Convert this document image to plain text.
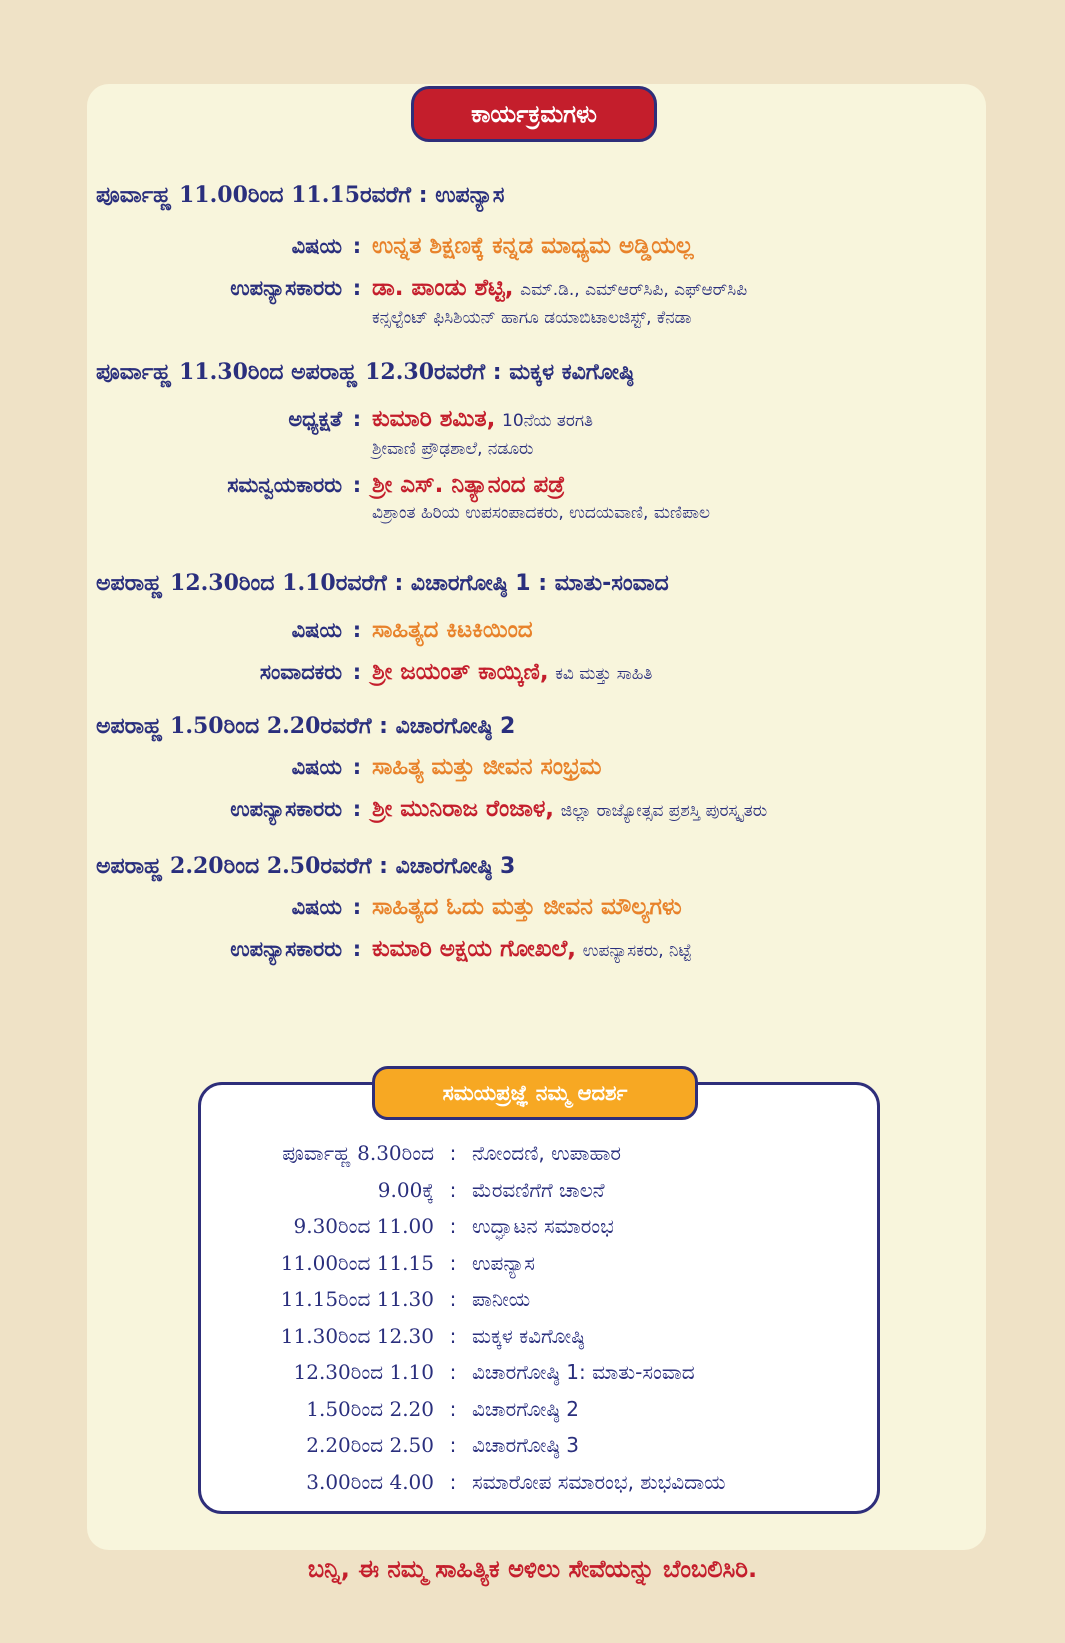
ಕಾರ್ಯಕ್ರಮಗಳು
ಪೂರ್ವಾಹ್ಣ 11.00ರಿಂದ 11.15ರವರೆಗೆ : ಉಪನ್ಯಾಸ
ವಿಷಯ : ಉನ್ನತ ಶಿಕ್ಷಣಕ್ಕೆ ಕನ್ನಡ ಮಾಧ್ಯಮ ಅಡ್ಡಿಯಲ್ಲ
ಉಪನ್ಯಾಸಕಾರರು : ಡಾ. ಪಾಂಡು ಶೆಟ್ಟಿ, ಎಮ್.ಡಿ., ಎಮ್ಆರ್‌ಸಿಪಿ, ಎಫ್ಆರ್‌ಸಿಪಿ
ಕನ್ಸಲ್ಟೆಂಟ್ ಫಿಸಿಶಿಯನ್ ಹಾಗೂ ಡಯಾಬಿಟಾಲಜಿಸ್ಟ್, ಕೆನಡಾ
ಪೂರ್ವಾಹ್ಣ 11.30ರಿಂದ ಅಪರಾಹ್ಣ 12.30ರವರೆಗೆ : ಮಕ್ಕಳ ಕವಿಗೋಷ್ಠಿ
ಅಧ್ಯಕ್ಷತೆ : ಕುಮಾರಿ ಶಮಿತ, 10ನೆಯ ತರಗತಿ
ಶ್ರೀವಾಣಿ ಪ್ರೌಢಶಾಲೆ, ನಡೂರು
ಸಮನ್ವಯಕಾರರು : ಶ್ರೀ ಎಸ್. ನಿತ್ಯಾನಂದ ಪಡ್ರೆ
ವಿಶ್ರಾಂತ ಹಿರಿಯ ಉಪಸಂಪಾದಕರು, ಉದಯವಾಣಿ, ಮಣಿಪಾಲ
ಅಪರಾಹ್ಣ 12.30ರಿಂದ 1.10ರವರೆಗೆ : ವಿಚಾರಗೋಷ್ಠಿ 1 : ಮಾತು-ಸಂವಾದ
ವಿಷಯ : ಸಾಹಿತ್ಯದ ಕಿಟಕಿಯಿಂದ
ಸಂವಾದಕರು : ಶ್ರೀ ಜಯಂತ್ ಕಾಯ್ಕಿಣಿ, ಕವಿ ಮತ್ತು ಸಾಹಿತಿ
ಅಪರಾಹ್ಣ 1.50ರಿಂದ 2.20ರವರೆಗೆ : ವಿಚಾರಗೋಷ್ಠಿ 2
ವಿಷಯ : ಸಾಹಿತ್ಯ ಮತ್ತು ಜೀವನ ಸಂಭ್ರಮ
ಉಪನ್ಯಾಸಕಾರರು : ಶ್ರೀ ಮುನಿರಾಜ ರೆಂಜಾಳ, ಜಿಲ್ಲಾ ರಾಜ್ಯೋತ್ಸವ ಪ್ರಶಸ್ತಿ ಪುರಸ್ಕೃತರು
ಅಪರಾಹ್ಣ 2.20ರಿಂದ 2.50ರವರೆಗೆ : ವಿಚಾರಗೋಷ್ಠಿ 3
ವಿಷಯ : ಸಾಹಿತ್ಯದ ಓದು ಮತ್ತು ಜೀವನ ಮೌಲ್ಯಗಳು
ಉಪನ್ಯಾಸಕಾರರು : ಕುಮಾರಿ ಅಕ್ಷಯ ಗೋಖಲೆ, ಉಪನ್ಯಾಸಕರು, ನಿಟ್ಟೆ
ಸಮಯಪ್ರಜ್ಞೆ ನಮ್ಮ ಆದರ್ಶ
ಪೂರ್ವಾಹ್ಣ 8.30ರಿಂದ : ನೋಂದಣಿ, ಉಪಾಹಾರ
9.00ಕ್ಕೆ : ಮೆರವಣಿಗೆಗೆ ಚಾಲನೆ
9.30ರಿಂದ 11.00 : ಉದ್ಘಾಟನ ಸಮಾರಂಭ
11.00ರಿಂದ 11.15 : ಉಪನ್ಯಾಸ
11.15ರಿಂದ 11.30 : ಪಾನೀಯ
11.30ರಿಂದ 12.30 : ಮಕ್ಕಳ ಕವಿಗೋಷ್ಠಿ
12.30ರಿಂದ 1.10 : ವಿಚಾರಗೋಷ್ಠಿ 1: ಮಾತು-ಸಂವಾದ
1.50ರಿಂದ 2.20 : ವಿಚಾರಗೋಷ್ಠಿ 2
2.20ರಿಂದ 2.50 : ವಿಚಾರಗೋಷ್ಠಿ 3
3.00ರಿಂದ 4.00 : ಸಮಾರೋಪ ಸಮಾರಂಭ, ಶುಭವಿದಾಯ
ಬನ್ನಿ, ಈ ನಮ್ಮ ಸಾಹಿತ್ಯಿಕ ಅಳಿಲು ಸೇವೆಯನ್ನು ಬೆಂಬಲಿಸಿರಿ.
